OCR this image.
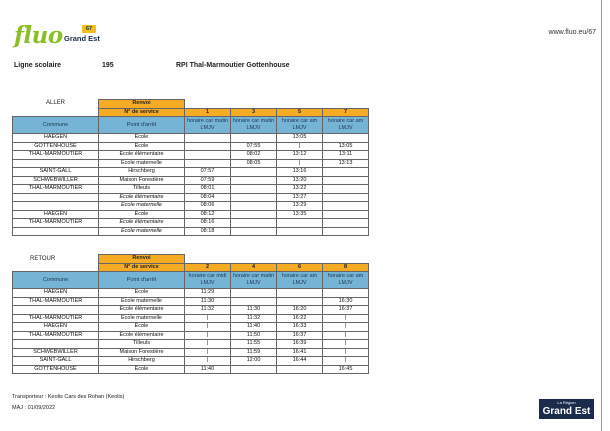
fluo	67
Grand Est
www.fluo.eu/67
Ligne scolaire	195	RPI Thal-Marmoutier Gottenhouse
ALLER
		Renvoi				
	N° de service	1	3	5	7
Commune	Point d'arrêt	horaire car matin LMJV	horaire car matin LMJV	horaire car am LMJV	horaire car am LMJV
HAEGEN	Ecole			13:05	
GOTTENHOUSE	Ecole		07:55	|	13:05
THAL-MARMOUTIER	Ecole élémentaire		08:02	13:12	13:11
	Ecole maternelle		08:05	|	13:13
SAINT-GALL	Hirschberg	07:57		13:16	
SCHWEBWILLER	Maison Forestière	07:59		13:20	
THAL-MARMOUTIER	Tilleuls	08:01		13:22	
	Ecole élémentaire	08:04		13:27	
	Ecole maternelle	08:06		13:29	
HAEGEN	Ecole	08:12		13:35	
THAL-MARMOUTIER	Ecole élémentaire	08:16			
	Ecole maternelle	08:18			
RETOUR
		Renvoi				
	N° de service	2	4	6	8
Commune	Point d'arrêt	horaire car midi LMJV	horaire car matin LMJV	horaire car am LMJV	horaire car am LMJV
HAEGEN	Ecole	11:29			
THAL-MARMOUTIER	Ecole maternelle	11:30			16:30
	Ecole élémentaire	11:32	11:30	16:20	16:37
THAL-MARMOUTIER	Ecole maternelle	|	11:32	16:22	|
HAEGEN	Ecole	|	11:40	16:33	|
THAL-MARMOUTIER	Ecole élémentaire	|	11:50	16:37	|
	Tilleuls	|	11:55	16:39	|
SCHWEBWILLER	Maison Forestière	|	11:59	16:41	|
SAINT-GALL	Hirschberg	|	12:00	16:44	|
GOTTENHOUSE	Ecole	11:40			16:45
Transporteur : Keolis Cars des Rohan (Keolis)
MAJ : 01/09/2022
La Région
Grand Est
